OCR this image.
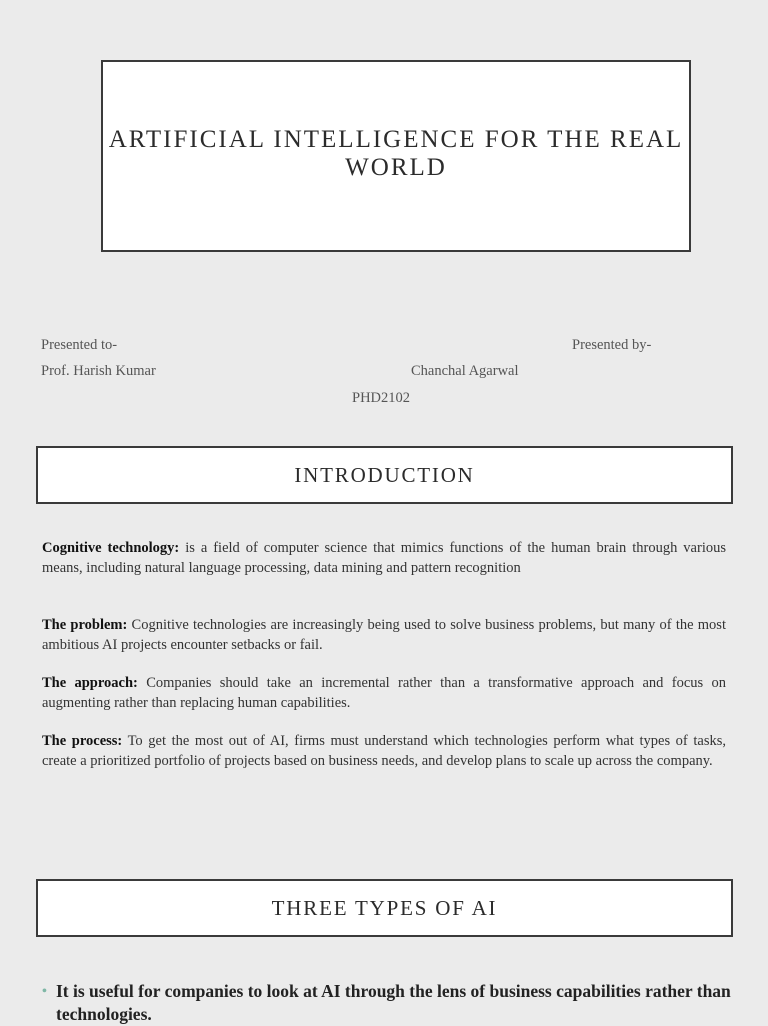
ARTIFICIAL INTELLIGENCE FOR THE REAL WORLD
Presented to-	Presented by-
Prof. Harish Kumar	Chanchal Agarwal
PHD2102
INTRODUCTION

Cognitive technology: is a field of computer science that mimics functions of the human brain through various means, including natural language processing, data mining and pattern recognition

The problem: Cognitive technologies are increasingly being used to solve business problems, but many of the most ambitious AI projects encounter setbacks or fail.

The approach: Companies should take an incremental rather than a transformative approach and focus on augmenting rather than replacing human capabilities.

The process: To get the most out of AI, firms must understand which technologies perform what types of tasks, create a prioritized portfolio of projects based on business needs, and develop plans to scale up across the company.

THREE TYPES OF AI
• It is useful for companies to look at AI through the lens of business capabilities rather than technologies.
